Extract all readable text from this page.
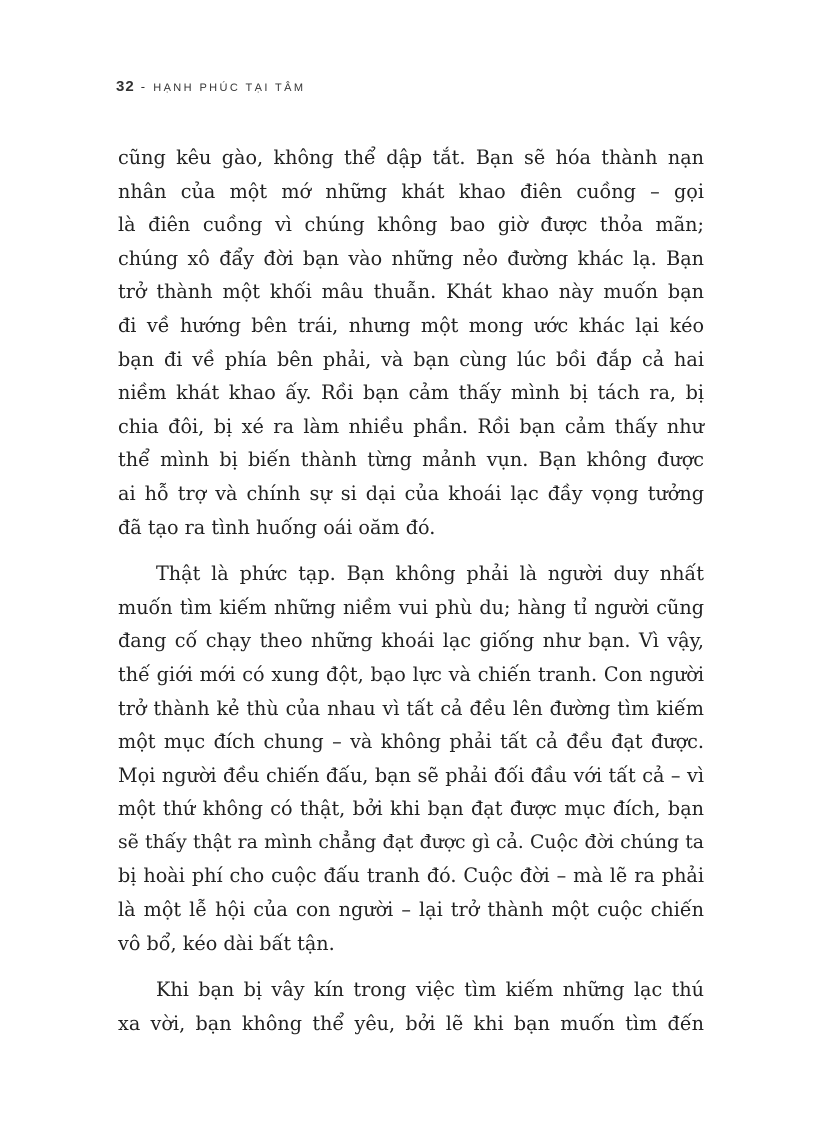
32 - HẠNH PHÚC TẠI TÂM
cũng kêu gào, không thể dập tắt. Bạn sẽ hóa thành nạn
nhân của một mớ những khát khao điên cuồng – gọi
là điên cuồng vì chúng không bao giờ được thỏa mãn;
chúng xô đẩy đời bạn vào những nẻo đường khác lạ. Bạn
trở thành một khối mâu thuẫn. Khát khao này muốn bạn
đi về hướng bên trái, nhưng một mong ước khác lại kéo
bạn đi về phía bên phải, và bạn cùng lúc bồi đắp cả hai
niềm khát khao ấy. Rồi bạn cảm thấy mình bị tách ra, bị
chia đôi, bị xé ra làm nhiều phần. Rồi bạn cảm thấy như
thể mình bị biến thành từng mảnh vụn. Bạn không được
ai hỗ trợ và chính sự si dại của khoái lạc đầy vọng tưởng
đã tạo ra tình huống oái oăm đó.
Thật là phức tạp. Bạn không phải là người duy nhất
muốn tìm kiếm những niềm vui phù du; hàng tỉ người cũng
đang cố chạy theo những khoái lạc giống như bạn. Vì vậy,
thế giới mới có xung đột, bạo lực và chiến tranh. Con người
trở thành kẻ thù của nhau vì tất cả đều lên đường tìm kiếm
một mục đích chung – và không phải tất cả đều đạt được.
Mọi người đều chiến đấu, bạn sẽ phải đối đầu với tất cả – vì
một thứ không có thật, bởi khi bạn đạt được mục đích, bạn
sẽ thấy thật ra mình chẳng đạt được gì cả. Cuộc đời chúng ta
bị hoài phí cho cuộc đấu tranh đó. Cuộc đời – mà lẽ ra phải
là một lễ hội của con người – lại trở thành một cuộc chiến
vô bổ, kéo dài bất tận.
Khi bạn bị vây kín trong việc tìm kiếm những lạc thú
xa vời, bạn không thể yêu, bởi lẽ khi bạn muốn tìm đến
